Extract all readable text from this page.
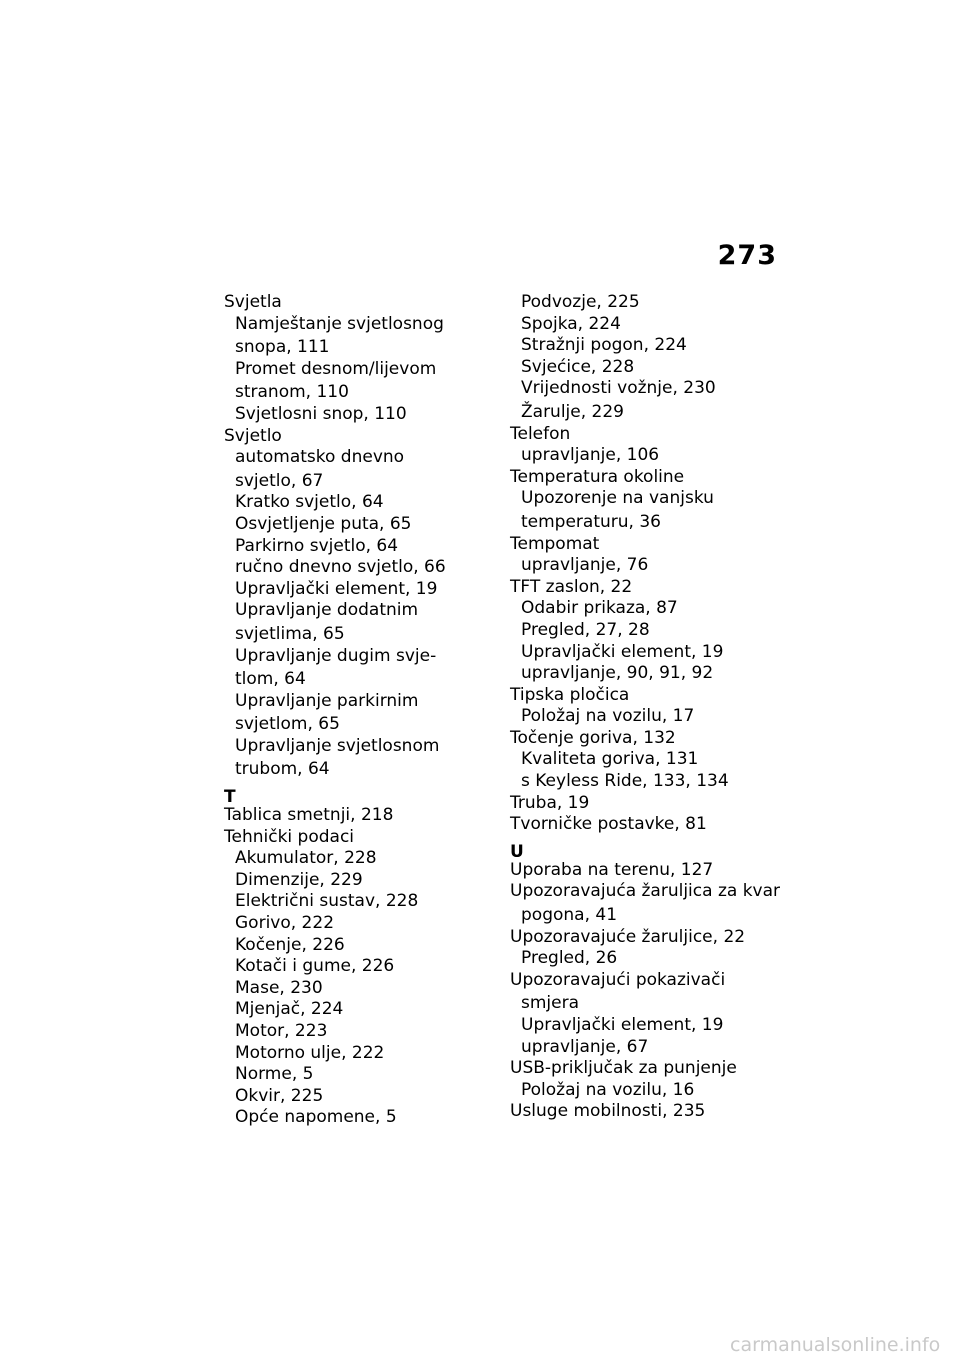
273
Svjetla
Namještanje svjetlosnog
snopa, 111
Promet desnom/lijevom
stranom, 110
Svjetlosni snop, 110
Svjetlo
automatsko dnevno
svjetlo, 67
Kratko svjetlo, 64
Osvjetljenje puta, 65
Parkirno svjetlo, 64
ručno dnevno svjetlo, 66
Upravljački element, 19
Upravljanje dodatnim
svjetlima, 65
Upravljanje dugim svje-
tlom, 64
Upravljanje parkirnim
svjetlom, 65
Upravljanje svjetlosnom
trubom, 64
T
Tablica smetnji, 218
Tehnički podaci
Akumulator, 228
Dimenzije, 229
Električni sustav, 228
Gorivo, 222
Kočenje, 226
Kotači i gume, 226
Mase, 230
Mjenjač, 224
Motor, 223
Motorno ulje, 222
Norme, 5
Okvir, 225
Opće napomene, 5
Podvozje, 225
Spojka, 224
Stražnji pogon, 224
Svjećice, 228
Vrijednosti vožnje, 230
Žarulje, 229
Telefon
upravljanje, 106
Temperatura okoline
Upozorenje na vanjsku
temperaturu, 36
Tempomat
upravljanje, 76
TFT zaslon, 22
Odabir prikaza, 87
Pregled, 27, 28
Upravljački element, 19
upravljanje, 90, 91, 92
Tipska pločica
Položaj na vozilu, 17
Točenje goriva, 132
Kvaliteta goriva, 131
s Keyless Ride, 133, 134
Truba, 19
Tvorničke postavke, 81
U
Uporaba na terenu, 127
Upozoravajuća žaruljica za kvar
pogona, 41
Upozoravajuće žaruljice, 22
Pregled, 26
Upozoravajući pokazivači
smjera
Upravljački element, 19
upravljanje, 67
USB-priključak za punjenje
Položaj na vozilu, 16
Usluge mobilnosti, 235
carmanualsonline.info
